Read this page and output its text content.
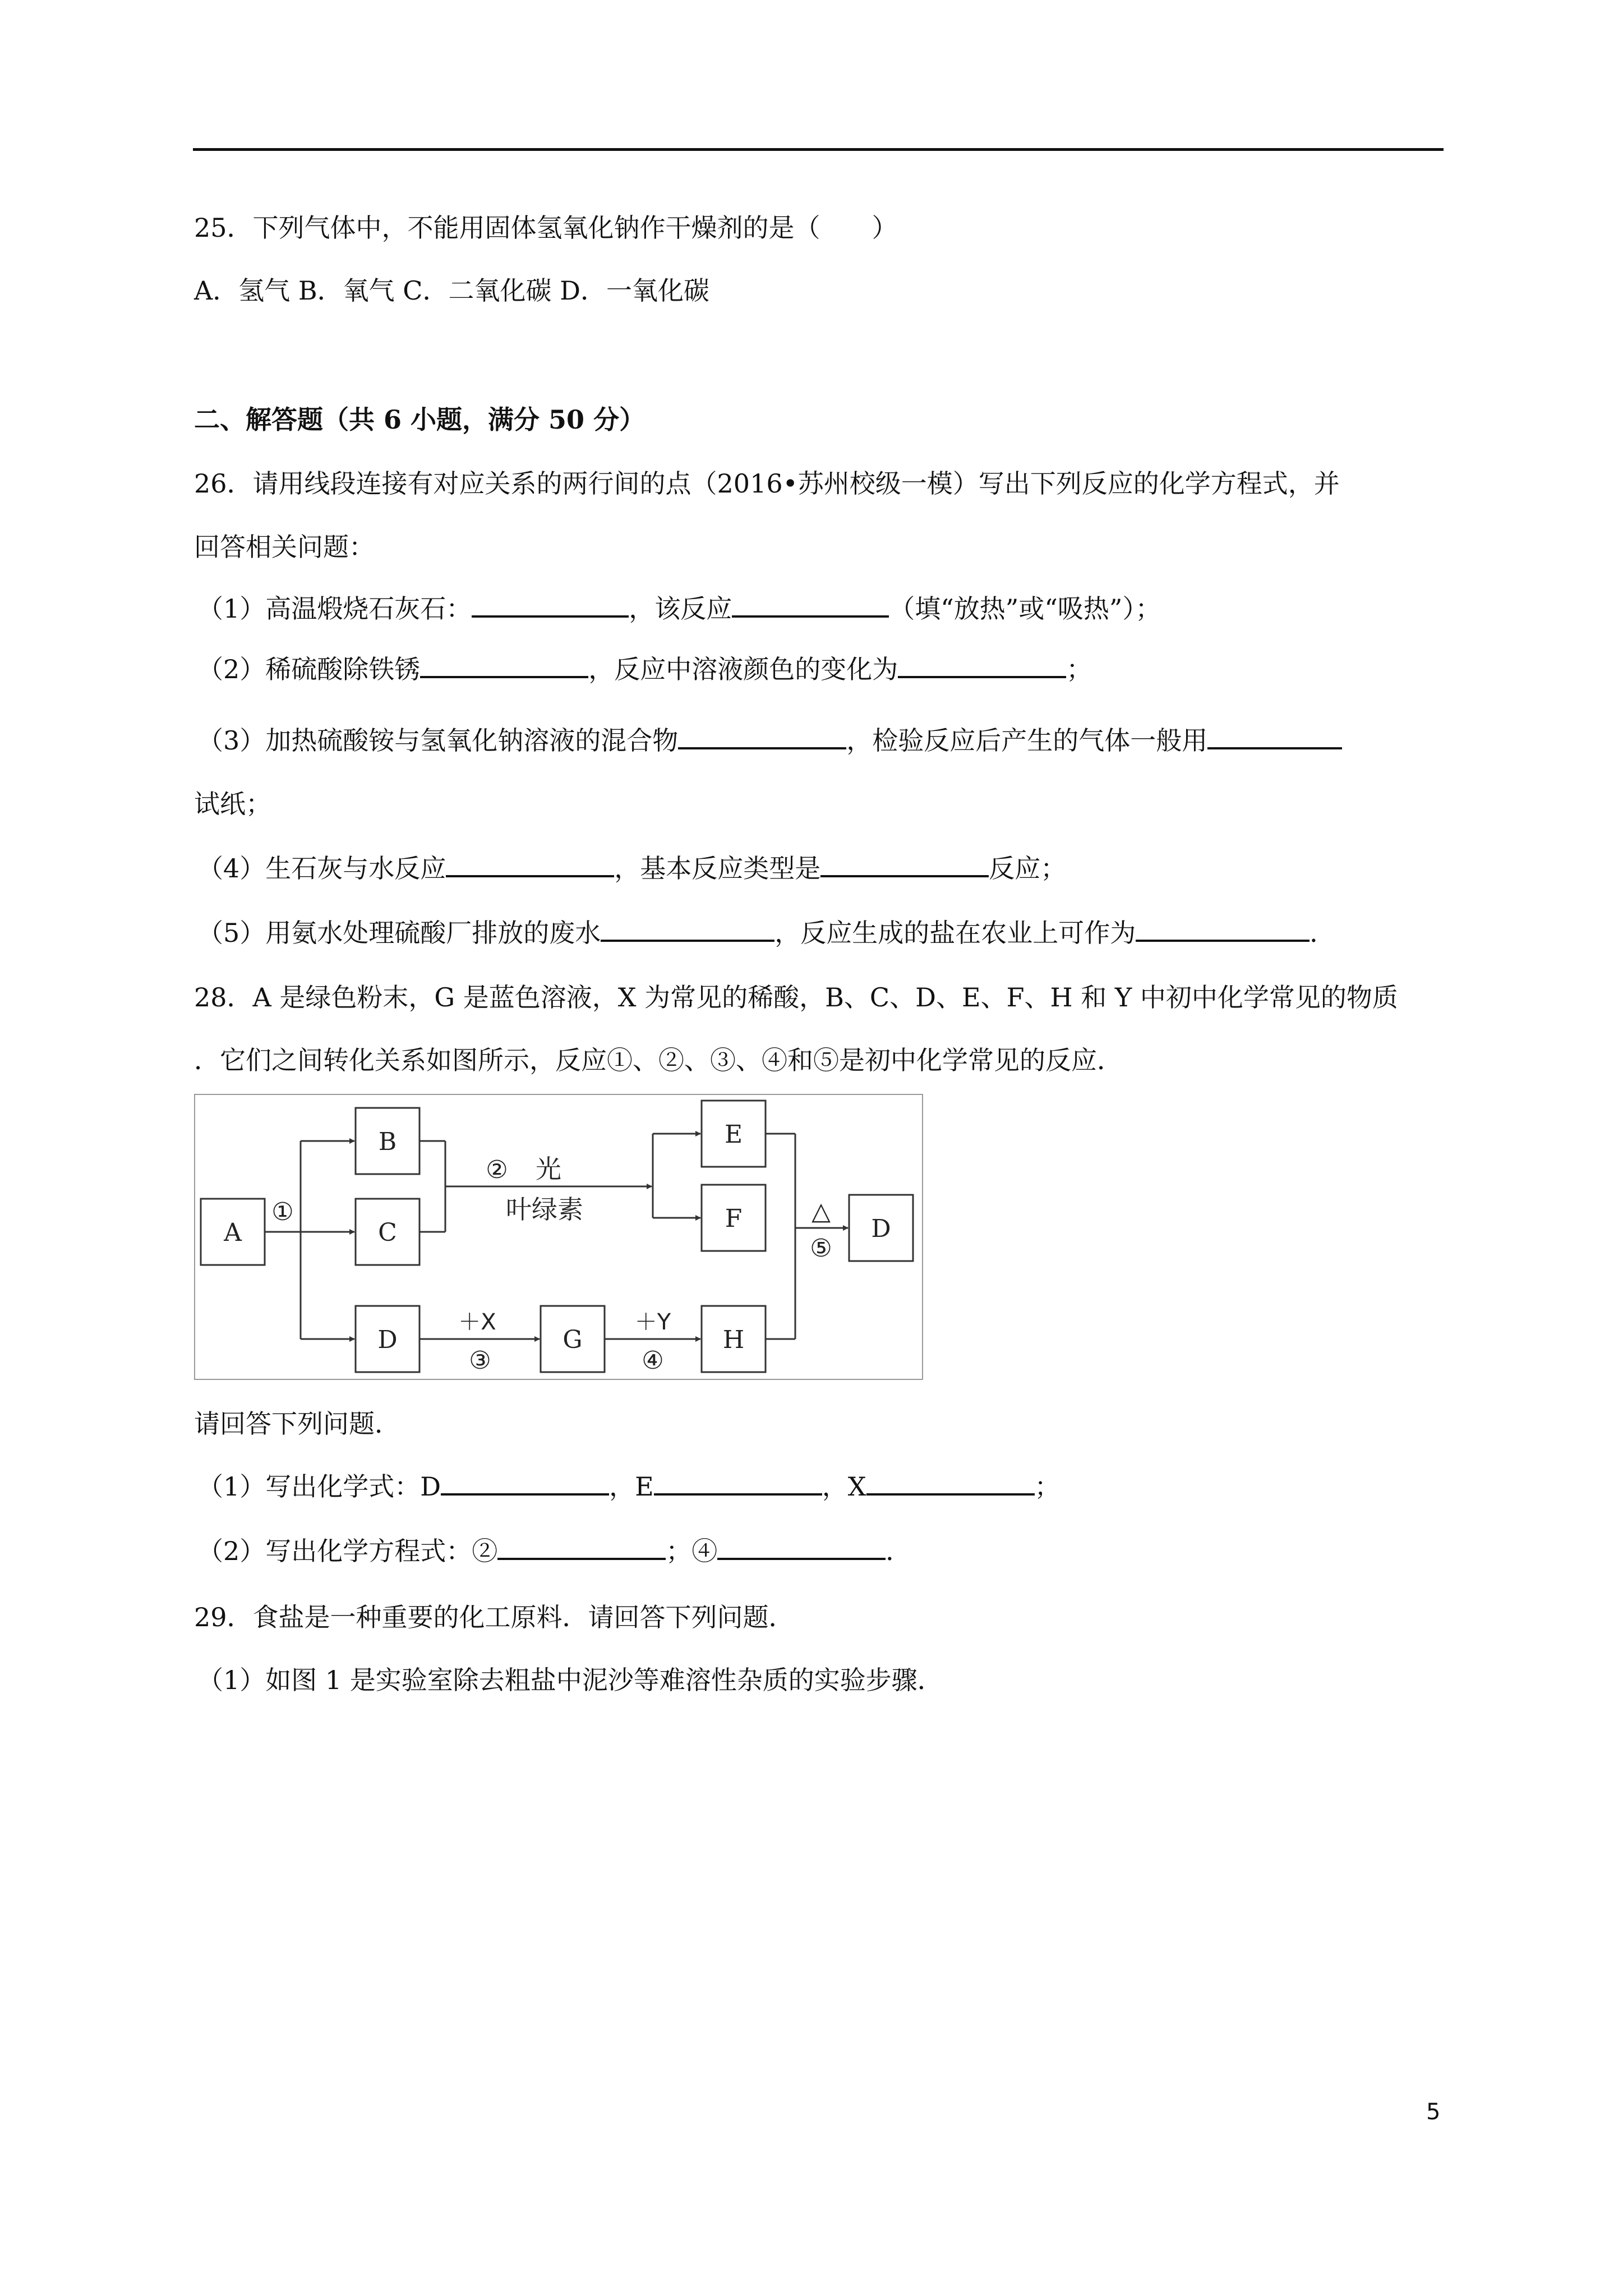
25．下列气体中，不能用固体氢氧化钠作干燥剂的是（　　）
A．氢气 B．氧气 C．二氧化碳 D．一氧化碳
二、解答题（共 6 小题，满分 50 分）
26．请用线段连接有对应关系的两行间的点（2016•苏州校级一模）写出下列反应的化学方程式，并
回答相关问题：
（1）高温煅烧石灰石：	，该反应	（填“放热”或“吸热”）；
（2）稀硫酸除铁锈	，反应中溶液颜色的变化为	；
（3）加热硫酸铵与氢氧化钠溶液的混合物	，检验反应后产生的气体一般用
试纸；
（4）生石灰与水反应	，基本反应类型是	反应；
（5）用氨水处理硫酸厂排放的废水	，反应生成的盐在农业上可作为	．
28．A 是绿色粉末，G 是蓝色溶液，X 为常见的稀酸，B、C、D、E、F、H 和 Y 中初中化学常见的物质
．它们之间转化关系如图所示，反应①、②、③、④和⑤是初中化学常见的反应．
A
B
C
D	G
E
F
H
D
①
② 光
叶绿素
＋X
③
＋Y
④
△
⑤
请回答下列问题．
（1）写出化学式：D	，E	，X	；
（2）写出化学方程式：②	；④	．
29．食盐是一种重要的化工原料．请回答下列问题．
（1）如图 1 是实验室除去粗盐中泥沙等难溶性杂质的实验步骤．
5
